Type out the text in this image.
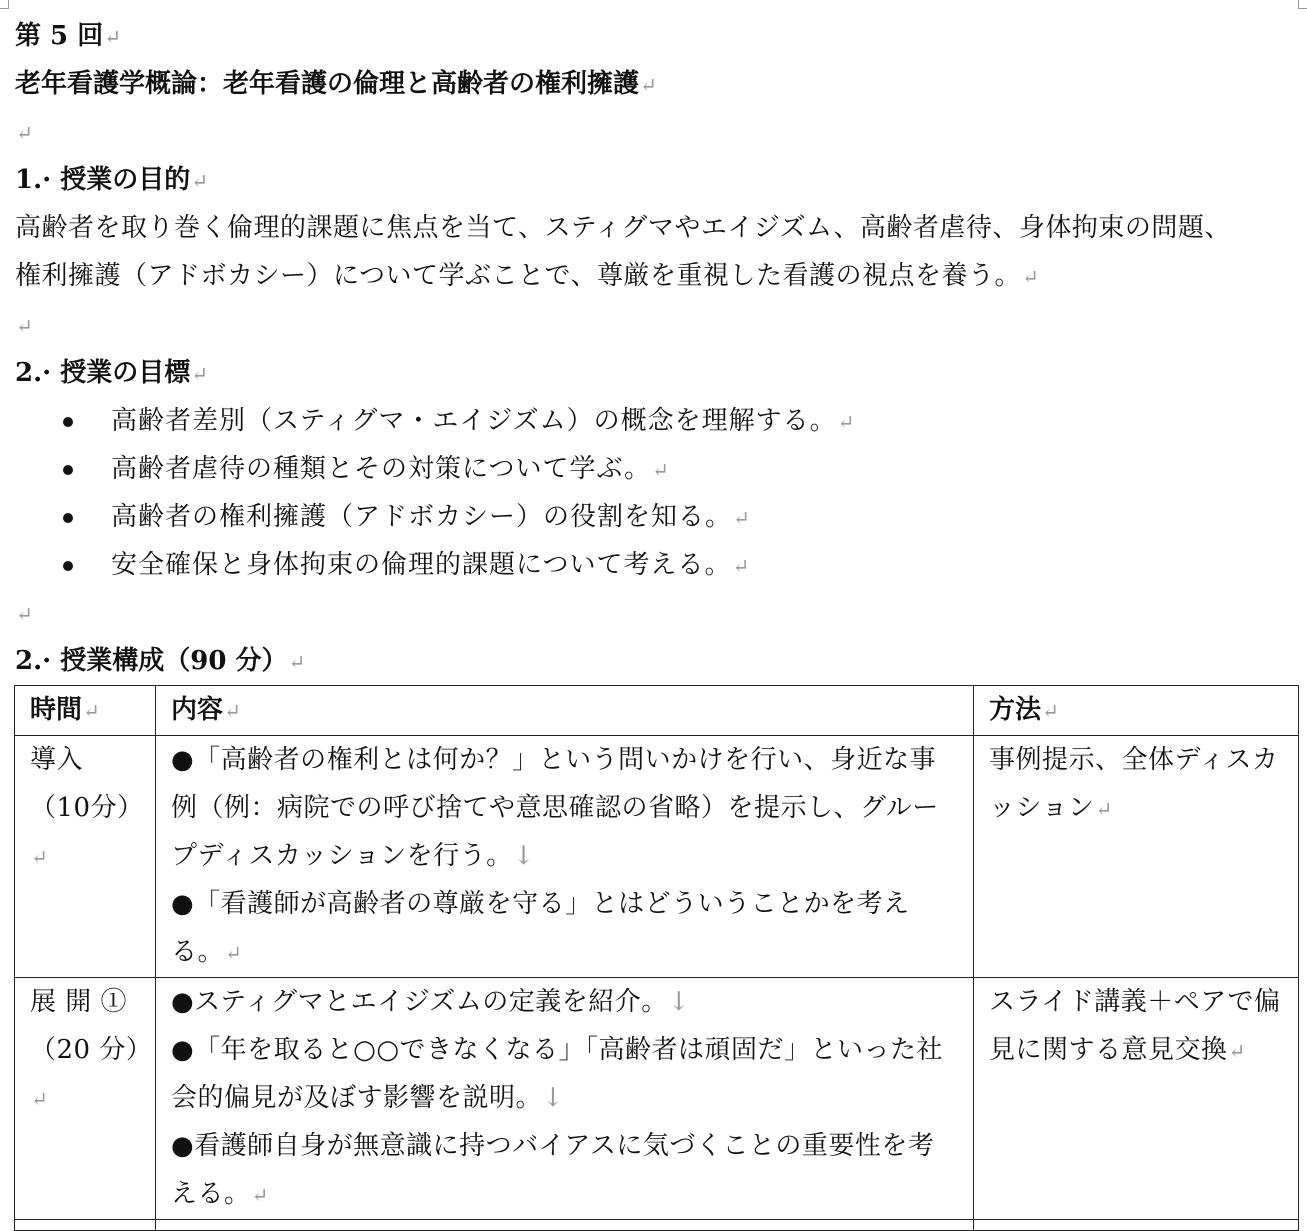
第 5 回↵
老年看護学概論：老年看護の倫理と高齢者の権利擁護↵
↵
1.· 授業の目的↵
高齢者を取り巻く倫理的課題に焦点を当て、スティグマやエイジズム、高齢者虐待、身体拘束の問題、
権利擁護（アドボカシー）について学ぶことで、尊厳を重視した看護の視点を養う。↵
↵
2.· 授業の目標↵
高齢者差別（スティグマ・エイジズム）の概念を理解する。↵
高齢者虐待の種類とその対策について学ぶ。↵
高齢者の権利擁護（アドボカシー）の役割を知る。↵
安全確保と身体拘束の倫理的課題について考える。↵
↵
2.· 授業構成（90 分）↵
時間↵	内容↵	方法↵
導入（10分）↵	●「高齢者の権利とは何か？」という問いかけを行い、身近な事例（例：病院での呼び捨てや意思確認の省略）を提示し、グループディスカッションを行う。↓
●「看護師が高齢者の尊厳を守る」とはどういうことかを考える。↵	事例提示、全体ディスカッション↵
展 開 ①（20 分）↵	●スティグマとエイジズムの定義を紹介。↓
●「年を取ると○○できなくなる」「高齢者は頑固だ」といった社会的偏見が及ぼす影響を説明。↓
●看護師自身が無意識に持つバイアスに気づくことの重要性を考える。↵	スライド講義＋ペアで偏見に関する意見交換↵
